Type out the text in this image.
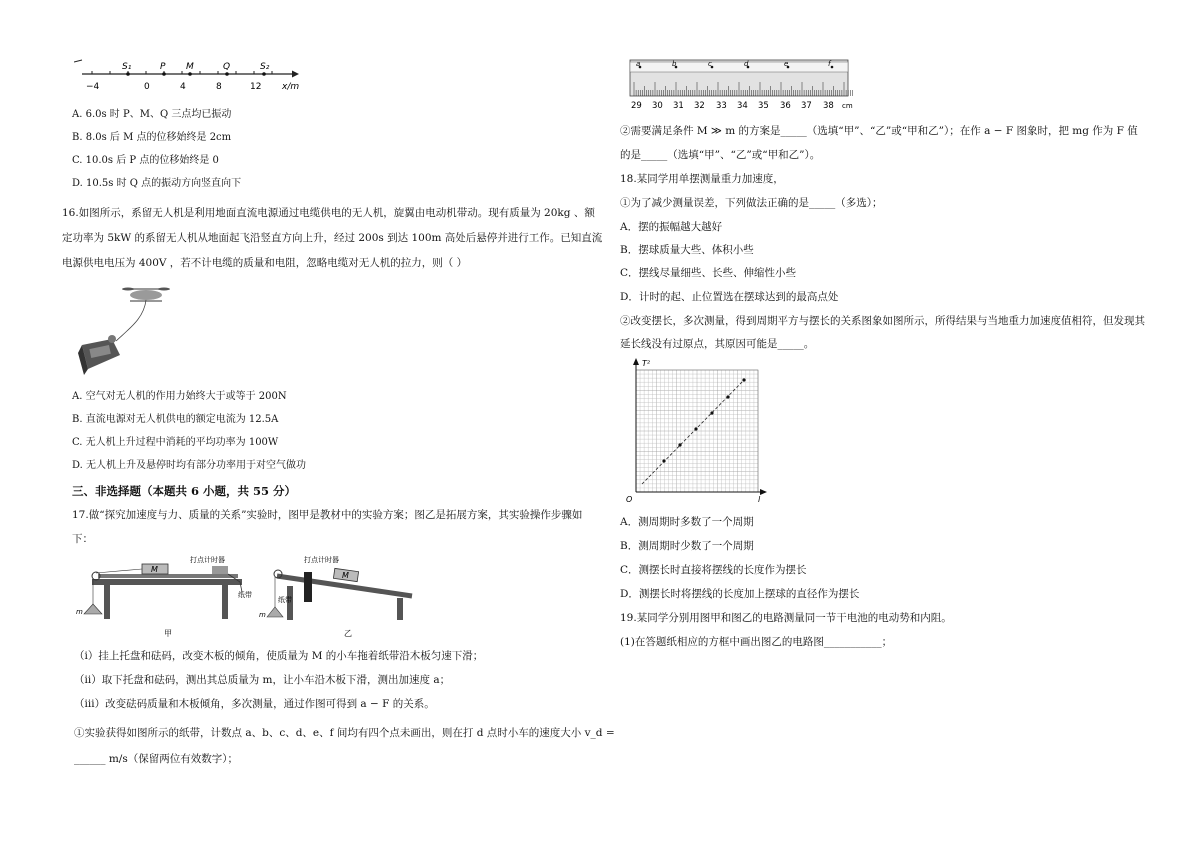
S₁	P M	Q	S₂
−4	0	4	8	12 x/m
A. 6.0s 时 P、M、Q 三点均已振动
B. 8.0s 后 M 点的位移始终是 2cm
C. 10.0s 后 P 点的位移始终是 0
D. 10.5s 时 Q 点的振动方向竖直向下
16.如图所示，系留无人机是利用地面直流电源通过电缆供电的无人机，旋翼由电动机带动。现有质量为 20kg 、额
定功率为 5kW 的系留无人机从地面起飞沿竖直方向上升，经过 200s 到达 100m 高处后悬停并进行工作。已知直流
电源供电电压为 400V ，若不计电缆的质量和电阻，忽略电缆对无人机的拉力，则（ ）
A. 空气对无人机的作用力始终大于或等于 200N
B. 直流电源对无人机供电的额定电流为 12.5A
C. 无人机上升过程中消耗的平均功率为 100W
D. 无人机上升及悬停时均有部分功率用于对空气做功
三、非选择题（本题共 6 小题，共 55 分）
17.做“探究加速度与力、质量的关系”实验时，图甲是教材中的实验方案；图乙是拓展方案，其实验操作步骤如
下：
M
打点计时器
纸带
m
甲
M
打点计时器
纸带
m
乙
（ⅰ）挂上托盘和砝码，改变木板的倾角，使质量为 M 的小车拖着纸带沿木板匀速下滑；
（ⅱ）取下托盘和砝码，测出其总质量为 m，让小车沿木板下滑，测出加速度 a；
（ⅲ）改变砝码质量和木板倾角，多次测量，通过作图可得到 a − F 的关系。
①实验获得如图所示的纸带，计数点 a、b、c、d、e、f 间均有四个点未画出，则在打 d 点时小车的速度大小 v_d =
______ m/s（保留两位有效数字）；
a	b	c	d	e	f
29 30 31 32 33 34 35 36 37 38 cm
②需要满足条件 M ≫ m 的方案是_____（选填“甲”、“乙”或“甲和乙”）；在作 a − F 图象时，把 mg 作为 F 值
的是_____（选填“甲”、“乙”或“甲和乙”）。
18.某同学用单摆测量重力加速度，
①为了减少测量误差，下列做法正确的是_____（多选）；
A．摆的振幅越大越好
B．摆球质量大些、体积小些
C．摆线尽量细些、长些、伸缩性小些
D．计时的起、止位置选在摆球达到的最高点处
②改变摆长，多次测量，得到周期平方与摆长的关系图象如图所示，所得结果与当地重力加速度值相符，但发现其
延长线没有过原点，其原因可能是_____。
T²
l
O
A．测周期时多数了一个周期
B．测周期时少数了一个周期
C．测摆长时直接将摆线的长度作为摆长
D．测摆长时将摆线的长度加上摆球的直径作为摆长
19.某同学分别用图甲和图乙的电路测量同一节干电池的电动势和内阻。
(1)在答题纸相应的方框中画出图乙的电路图___________；
